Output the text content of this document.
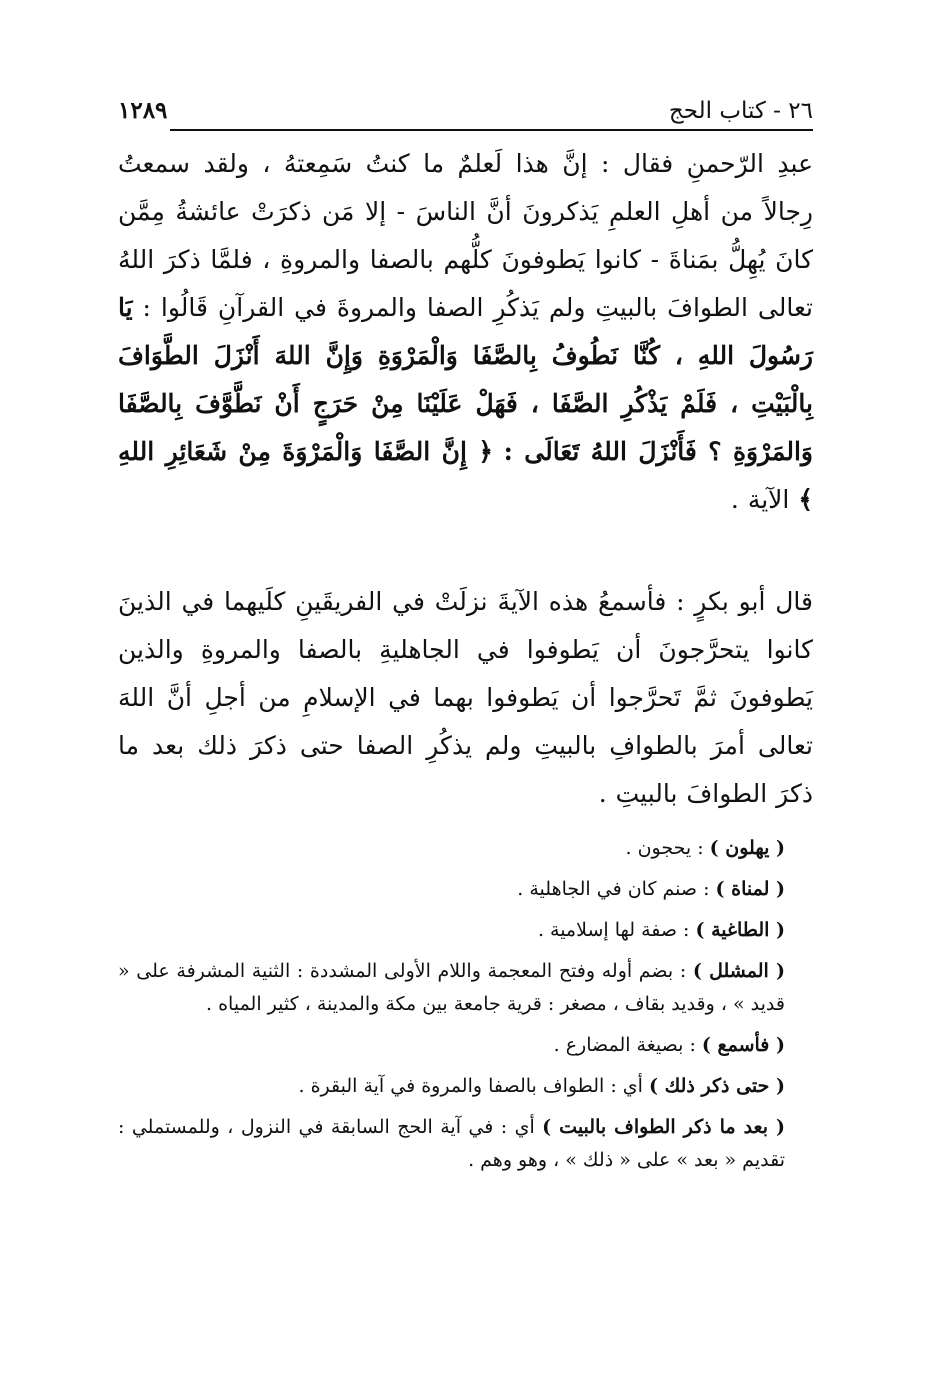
٢٦ - كتاب الحج
١٢٨٩

عبدِ الرّحمنِ فقال : إنَّ هذا لَعلمٌ ما كنتُ سَمِعتهُ ، ولقد سمعتُ رِجالاً من أهلِ العلمِ يَذكرونَ أنَّ الناسَ - إلا مَن ذكرَتْ عائشةُ مِمَّن كانَ يُهِلُّ بمَناةَ - كانوا يَطوفونَ كلُّهم بالصفا والمروةِ ، فلمَّا ذكرَ اللهُ تعالى الطوافَ بالبيتِ ولم يَذكُرِ الصفا والمروةَ في القرآنِ قَالُوا : يَا رَسُولَ اللهِ ، كُنَّا نَطُوفُ بِالصَّفَا وَالْمَرْوَةِ وَإِنَّ اللهَ أَنْزَلَ الطَّوَافَ بِالْبَيْتِ ، فَلَمْ يَذْكُرِ الصَّفَا ، فَهَلْ عَلَيْنَا مِنْ حَرَجٍ أَنْ نَطَّوَّفَ بِالصَّفَا وَالمَرْوَةِ ؟ فَأَنْزَلَ اللهُ تَعَالَى : ﴿ إِنَّ الصَّفَا وَالْمَرْوَةَ مِنْ شَعَائِرِ اللهِ ﴾ الآية .

قال أبو بكرٍ : فأسمعُ هذه الآيةَ نزلَتْ في الفريقَينِ كلَيهما في الذينَ كانوا يتحرَّجونَ أن يَطوفوا في الجاهليةِ بالصفا والمروةِ والذين يَطوفونَ ثمَّ تَحرَّجوا أن يَطوفوا بهما في الإسلامِ من أجلِ أنَّ اللهَ تعالى أمرَ بالطوافِ بالبيتِ ولم يذكُرِ الصفا حتى ذكرَ ذلك بعد ما ذكرَ الطوافَ بالبيتِ .

( يهلون ) : يحجون .

( لمناة ) : صنم كان في الجاهلية .

( الطاغية ) : صفة لها إسلامية .

( المشلل ) : بضم أوله وفتح المعجمة واللام الأولى المشددة : الثنية المشرفة على « قديد » ، وقديد بقاف ، مصغر : قرية جامعة بين مكة والمدينة ، كثير المياه .

( فأسمع ) : بصيغة المضارع .

( حتى ذكر ذلك ) أي : الطواف بالصفا والمروة في آية البقرة .

( بعد ما ذكر الطواف بالبيت ) أي : في آية الحج السابقة في النزول ، وللمستملي : تقديم « بعد » على « ذلك » ، وهو وهم .
